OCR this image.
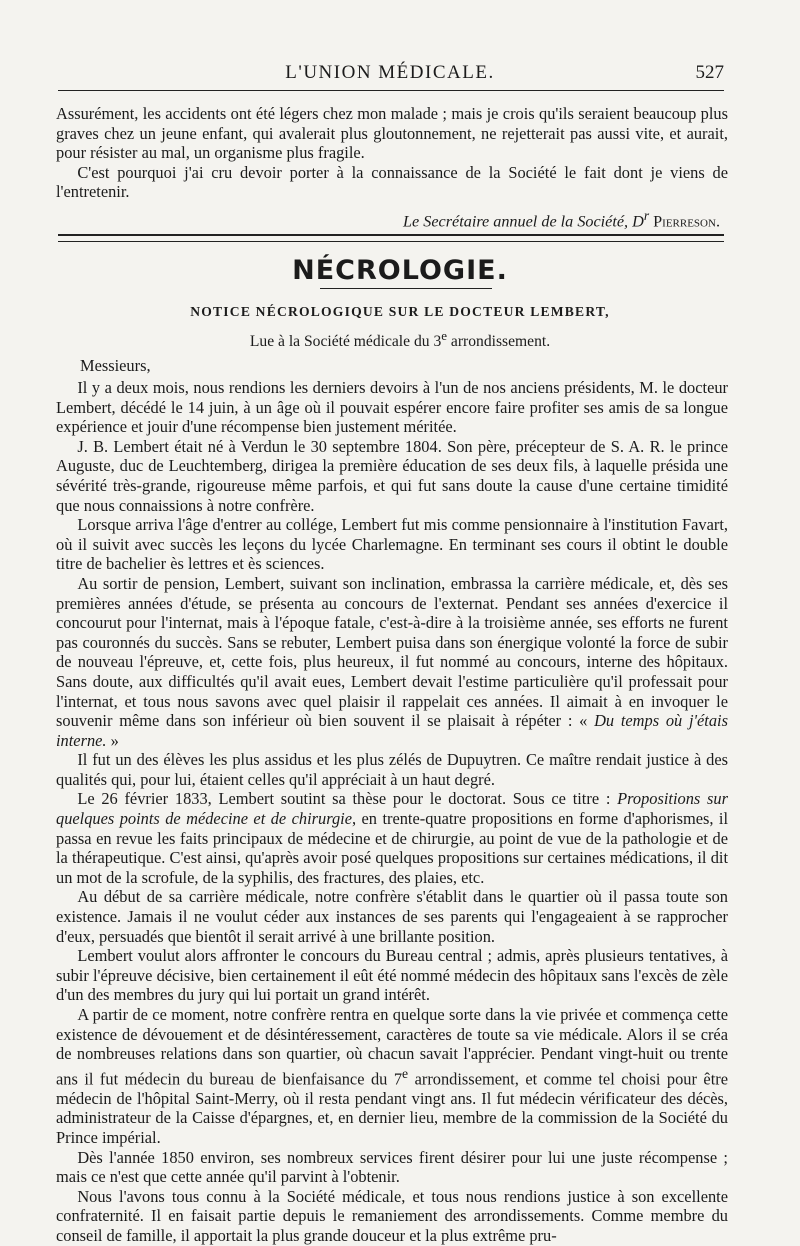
L'UNION MÉDICALE.	527

Assurément, les accidents ont été légers chez mon malade ; mais je crois qu'ils seraient beaucoup plus graves chez un jeune enfant, qui avalerait plus gloutonnement, ne rejetterait pas aussi vite, et aurait, pour résister au mal, un organisme plus fragile.

C'est pourquoi j'ai cru devoir porter à la connaissance de la Société le fait dont je viens de l'entretenir.

Le Secrétaire annuel de la Société, $D^r$ Pierreson.
NÉCROLOGIE.
NOTICE NÉCROLOGIQUE SUR LE DOCTEUR LEMBERT,
Lue à la Société médicale du 3e arrondissement.
Messieurs,

Il y a deux mois, nous rendions les derniers devoirs à l'un de nos anciens présidents, M. le docteur Lembert, décédé le 14 juin, à un âge où il pouvait espérer encore faire profiter ses amis de sa longue expérience et jouir d'une récompense bien justement méritée.

J. B. Lembert était né à Verdun le 30 septembre 1804. Son père, précepteur de S. A. R. le prince Auguste, duc de Leuchtemberg, dirigea la première éducation de ses deux fils, à laquelle présida une sévérité très-grande, rigoureuse même parfois, et qui fut sans doute la cause d'une certaine timidité que nous connaissions à notre confrère.

Lorsque arriva l'âge d'entrer au collége, Lembert fut mis comme pensionnaire à l'institution Favart, où il suivit avec succès les leçons du lycée Charlemagne. En terminant ses cours il obtint le double titre de bachelier ès lettres et ès sciences.

Au sortir de pension, Lembert, suivant son inclination, embrassa la carrière médicale, et, dès ses premières années d'étude, se présenta au concours de l'externat. Pendant ses années d'exercice il concourut pour l'internat, mais à l'époque fatale, c'est-à-dire à la troisième année, ses efforts ne furent pas couronnés du succès. Sans se rebuter, Lembert puisa dans son énergique volonté la force de subir de nouveau l'épreuve, et, cette fois, plus heureux, il fut nommé au concours, interne des hôpitaux. Sans doute, aux difficultés qu'il avait eues, Lembert devait l'estime particulière qu'il professait pour l'internat, et tous nous savons avec quel plaisir il rappelait ces années. Il aimait à en invoquer le souvenir même dans son inférieur où bien souvent il se plaisait à répéter : « Du temps où j'étais interne. »

Il fut un des élèves les plus assidus et les plus zélés de Dupuytren. Ce maître rendait justice à des qualités qui, pour lui, étaient celles qu'il appréciait à un haut degré.

Le 26 février 1833, Lembert soutint sa thèse pour le doctorat. Sous ce titre : Propositions sur quelques points de médecine et de chirurgie, en trente-quatre propositions en forme d'aphorismes, il passa en revue les faits principaux de médecine et de chirurgie, au point de vue de la pathologie et de la thérapeutique. C'est ainsi, qu'après avoir posé quelques propositions sur certaines médications, il dit un mot de la scrofule, de la syphilis, des fractures, des plaies, etc.

Au début de sa carrière médicale, notre confrère s'établit dans le quartier où il passa toute son existence. Jamais il ne voulut céder aux instances de ses parents qui l'engageaient à se rapprocher d'eux, persuadés que bientôt il serait arrivé à une brillante position.

Lembert voulut alors affronter le concours du Bureau central ; admis, après plusieurs tentatives, à subir l'épreuve décisive, bien certainement il eût été nommé médecin des hôpitaux sans l'excès de zèle d'un des membres du jury qui lui portait un grand intérêt.

A partir de ce moment, notre confrère rentra en quelque sorte dans la vie privée et commença cette existence de dévouement et de désintéressement, caractères de toute sa vie médicale. Alors il se créa de nombreuses relations dans son quartier, où chacun savait l'apprécier. Pendant vingt-huit ou trente ans il fut médecin du bureau de bienfaisance du 7e arrondissement, et comme tel choisi pour être médecin de l'hôpital Saint-Merry, où il resta pendant vingt ans. Il fut médecin vérificateur des décès, administrateur de la Caisse d'épargnes, et, en dernier lieu, membre de la commission de la Société du Prince impérial.

Dès l'année 1850 environ, ses nombreux services firent désirer pour lui une juste récompense ; mais ce n'est que cette année qu'il parvint à l'obtenir.

Nous l'avons tous connu à la Société médicale, et tous nous rendions justice à son excellente confraternité. Il en faisait partie depuis le remaniement des arrondissements. Comme membre du conseil de famille, il apportait la plus grande douceur et la plus extrême pru-
